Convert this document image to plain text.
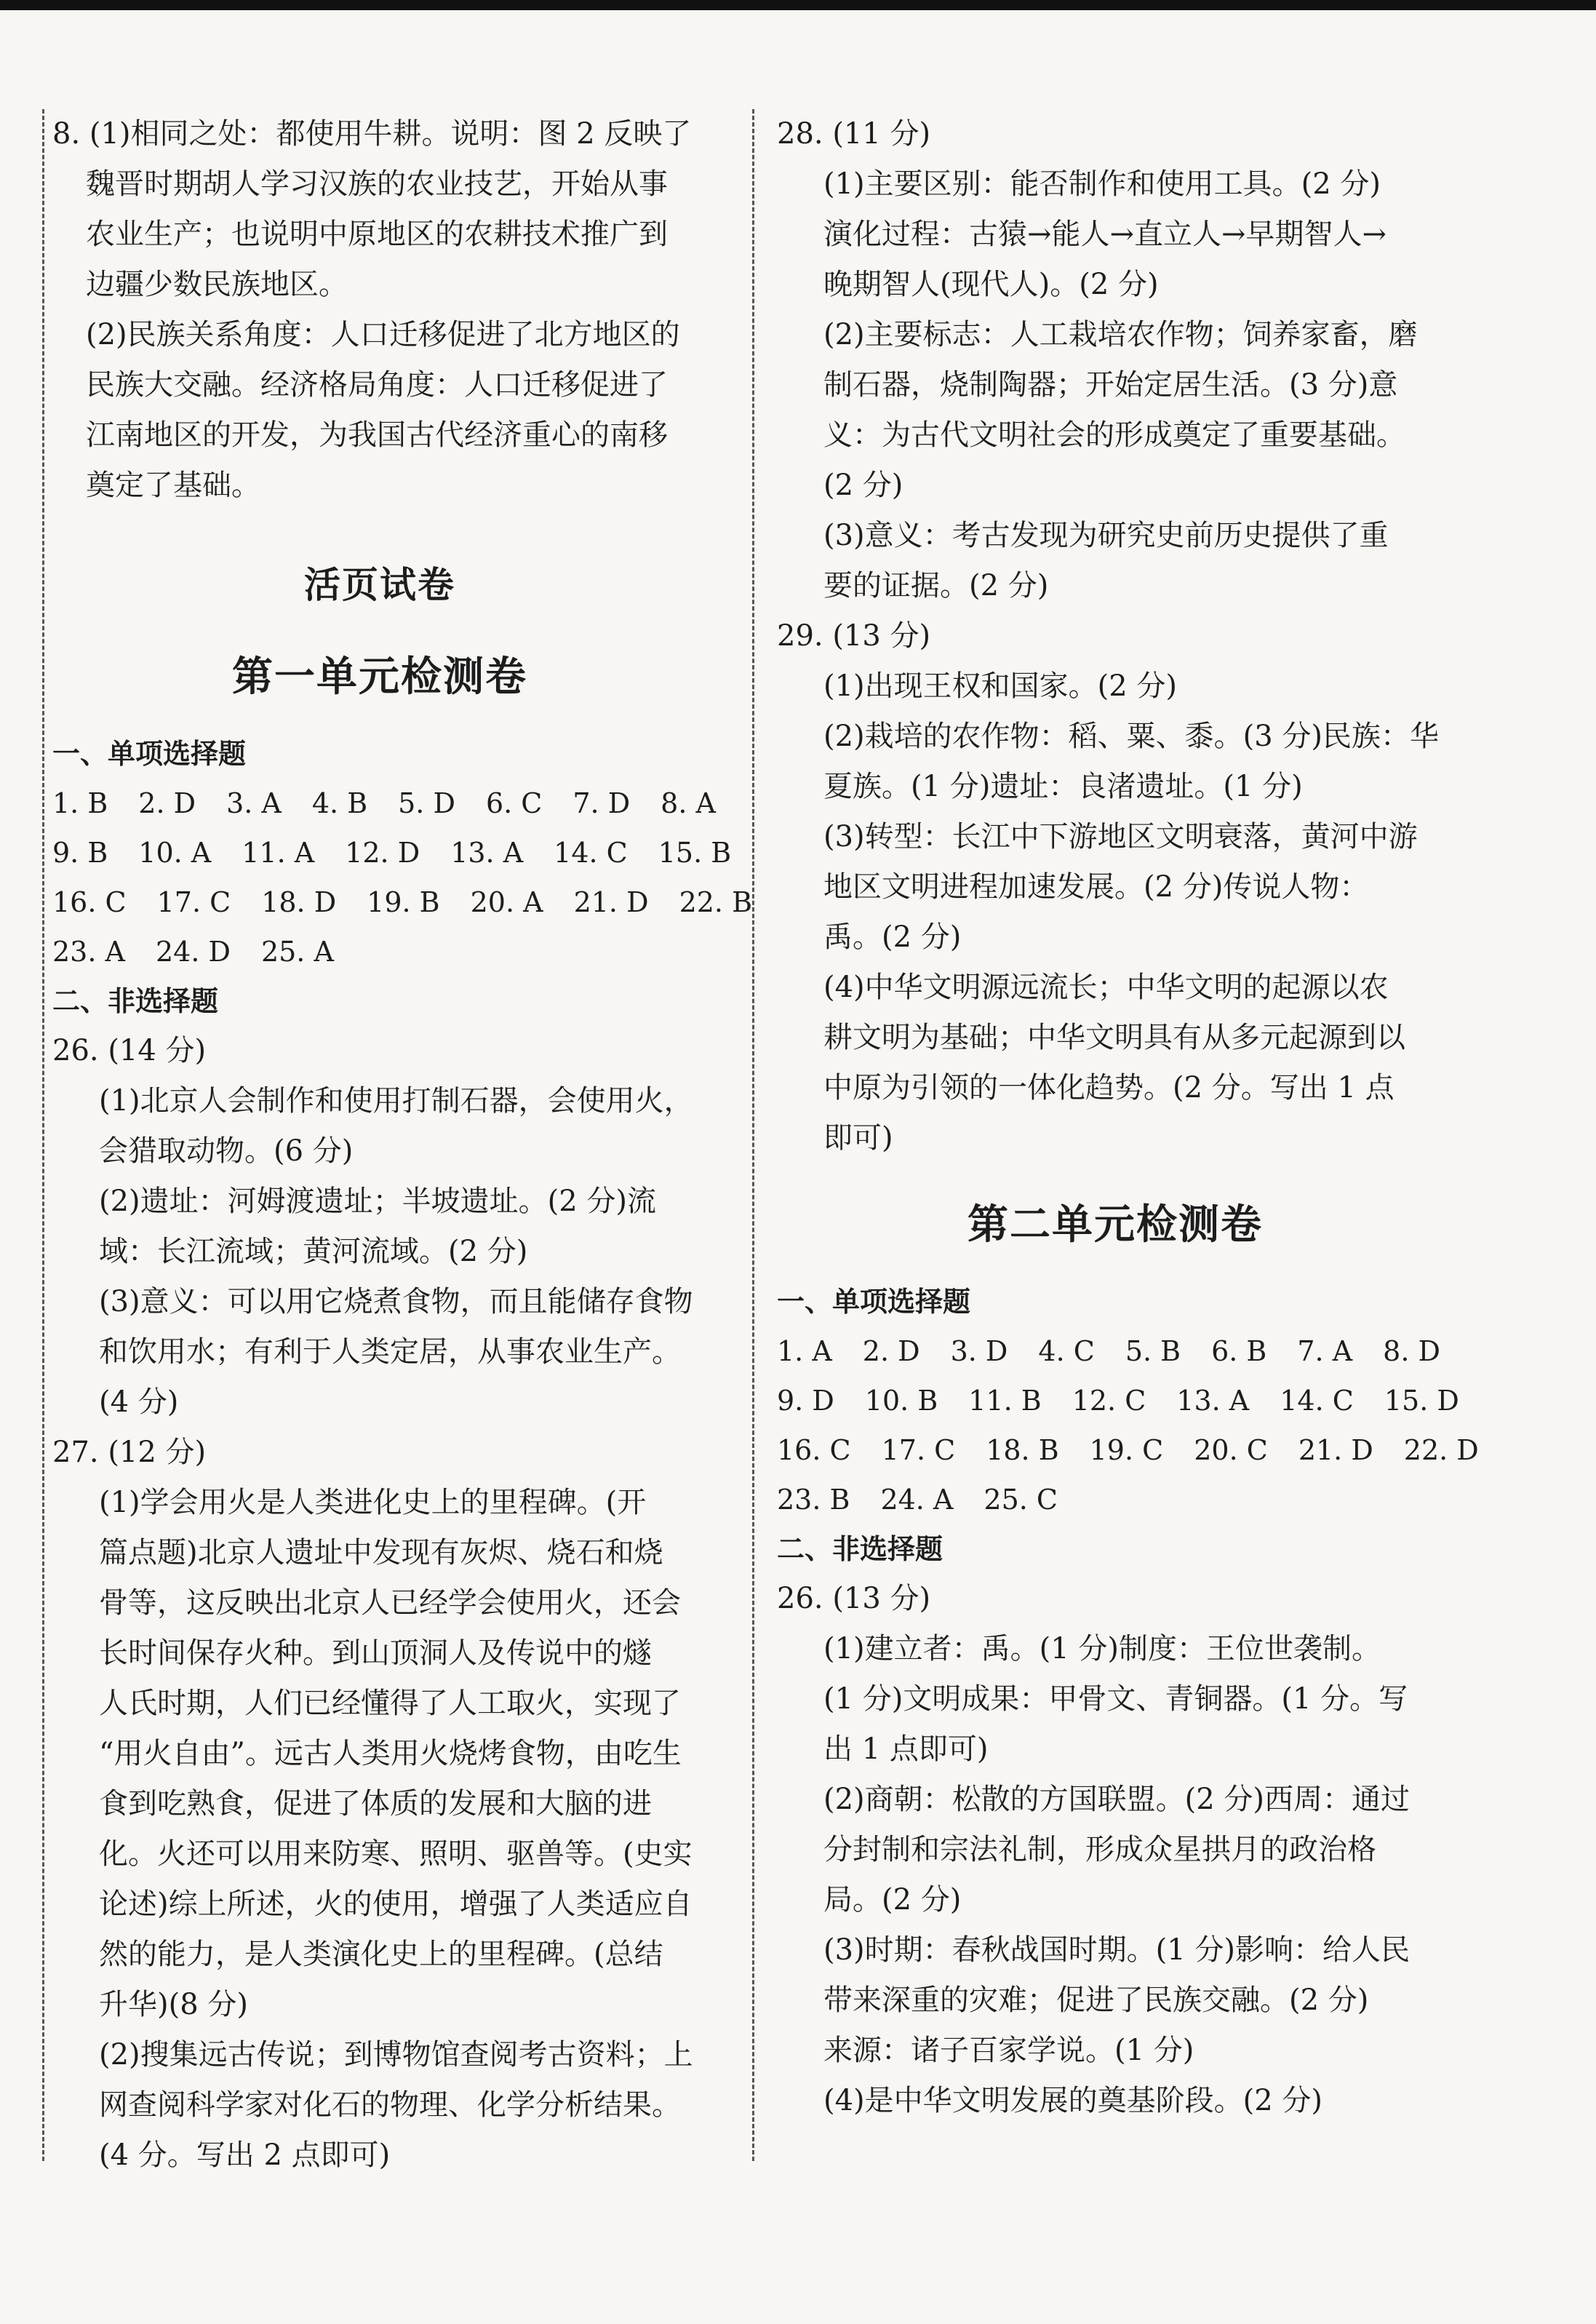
8. (1)相同之处：都使用牛耕。说明：图 2 反映了
魏晋时期胡人学习汉族的农业技艺，开始从事
农业生产；也说明中原地区的农耕技术推广到
边疆少数民族地区。
(2)民族关系角度：人口迁移促进了北方地区的
民族大交融。经济格局角度：人口迁移促进了
江南地区的开发，为我国古代经济重心的南移
奠定了基础。
活页试卷
第一单元检测卷
一、单项选择题
1. B 2. D 3. A 4. B 5. D 6. C 7. D 8. A
9. B 10. A 11. A 12. D 13. A 14. C 15. B
16. C 17. C 18. D 19. B 20. A 21. D 22. B
23. A 24. D 25. A
二、非选择题
26. (14 分)
(1)北京人会制作和使用打制石器，会使用火，
会猎取动物。(6 分)
(2)遗址：河姆渡遗址；半坡遗址。(2 分)流
域：长江流域；黄河流域。(2 分)
(3)意义：可以用它烧煮食物，而且能储存食物
和饮用水；有利于人类定居，从事农业生产。
(4 分)
27. (12 分)
(1)学会用火是人类进化史上的里程碑。(开
篇点题)北京人遗址中发现有灰烬、烧石和烧
骨等，这反映出北京人已经学会使用火，还会
长时间保存火种。到山顶洞人及传说中的燧
人氏时期，人们已经懂得了人工取火，实现了
“用火自由”。远古人类用火烧烤食物，由吃生
食到吃熟食，促进了体质的发展和大脑的进
化。火还可以用来防寒、照明、驱兽等。(史实
论述)综上所述，火的使用，增强了人类适应自
然的能力，是人类演化史上的里程碑。(总结
升华)(8 分)
(2)搜集远古传说；到博物馆查阅考古资料；上
网查阅科学家对化石的物理、化学分析结果。
(4 分。写出 2 点即可)
28. (11 分)
(1)主要区别：能否制作和使用工具。(2 分)
演化过程：古猿→能人→直立人→早期智人→
晚期智人(现代人)。(2 分)
(2)主要标志：人工栽培农作物；饲养家畜，磨
制石器，烧制陶器；开始定居生活。(3 分)意
义：为古代文明社会的形成奠定了重要基础。
(2 分)
(3)意义：考古发现为研究史前历史提供了重
要的证据。(2 分)
29. (13 分)
(1)出现王权和国家。(2 分)
(2)栽培的农作物：稻、粟、黍。(3 分)民族：华
夏族。(1 分)遗址：良渚遗址。(1 分)
(3)转型：长江中下游地区文明衰落，黄河中游
地区文明进程加速发展。(2 分)传说人物：
禹。(2 分)
(4)中华文明源远流长；中华文明的起源以农
耕文明为基础；中华文明具有从多元起源到以
中原为引领的一体化趋势。(2 分。写出 1 点
即可)
第二单元检测卷
一、单项选择题
1. A 2. D 3. D 4. C 5. B 6. B 7. A 8. D
9. D 10. B 11. B 12. C 13. A 14. C 15. D
16. C 17. C 18. B 19. C 20. C 21. D 22. D
23. B 24. A 25. C
二、非选择题
26. (13 分)
(1)建立者：禹。(1 分)制度：王位世袭制。
(1 分)文明成果：甲骨文、青铜器。(1 分。写
出 1 点即可)
(2)商朝：松散的方国联盟。(2 分)西周：通过
分封制和宗法礼制，形成众星拱月的政治格
局。(2 分)
(3)时期：春秋战国时期。(1 分)影响：给人民
带来深重的灾难；促进了民族交融。(2 分)
来源：诸子百家学说。(1 分)
(4)是中华文明发展的奠基阶段。(2 分)
